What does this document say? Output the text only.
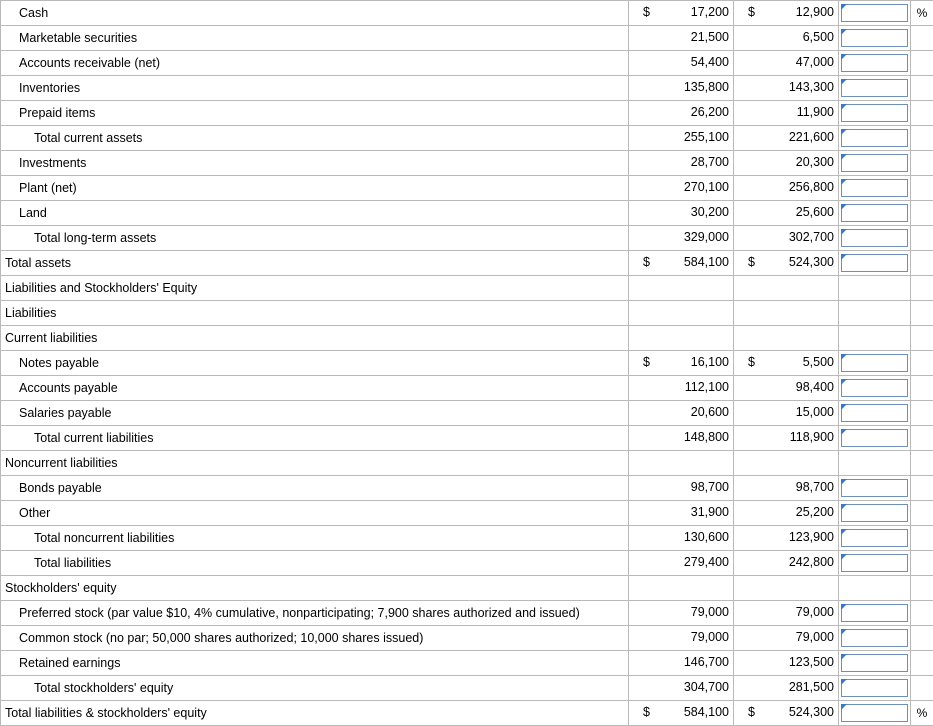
Cash	$ 17,200	$ 12,900		%
Marketable securities	21,500	6,500		

Accounts receivable (net)	54,400	47,000		

Inventories	135,800	143,300		

Prepaid items	26,200	11,900		

Total current assets	255,100	221,600		

Investments	28,700	20,300		

Plant (net)	270,100	256,800		

Land	30,200	25,600		

Total long-term assets	329,000	302,700		

Total assets	$ 584,100	$ 524,300		

Liabilities and Stockholders' Equity	

Liabilities	

Current liabilities	

Notes payable	$ 16,100	$ 5,500		

Accounts payable	112,100	98,400		

Salaries payable	20,600	15,000		

Total current liabilities	148,800	118,900		

Noncurrent liabilities	

Bonds payable	98,700	98,700		

Other	31,900	25,200		

Total noncurrent liabilities	130,600	123,900		

Total liabilities	279,400	242,800		

Stockholders' equity	

Preferred stock (par value $10, 4% cumulative, nonparticipating; 7,900 shares authorized and issued)	79,000	79,000		

Common stock (no par; 50,000 shares authorized; 10,000 shares issued)	79,000	79,000		

Retained earnings	146,700	123,500		

Total stockholders' equity	304,700	281,500		

Total liabilities & stockholders' equity	$ 584,100	$ 524,300		%
